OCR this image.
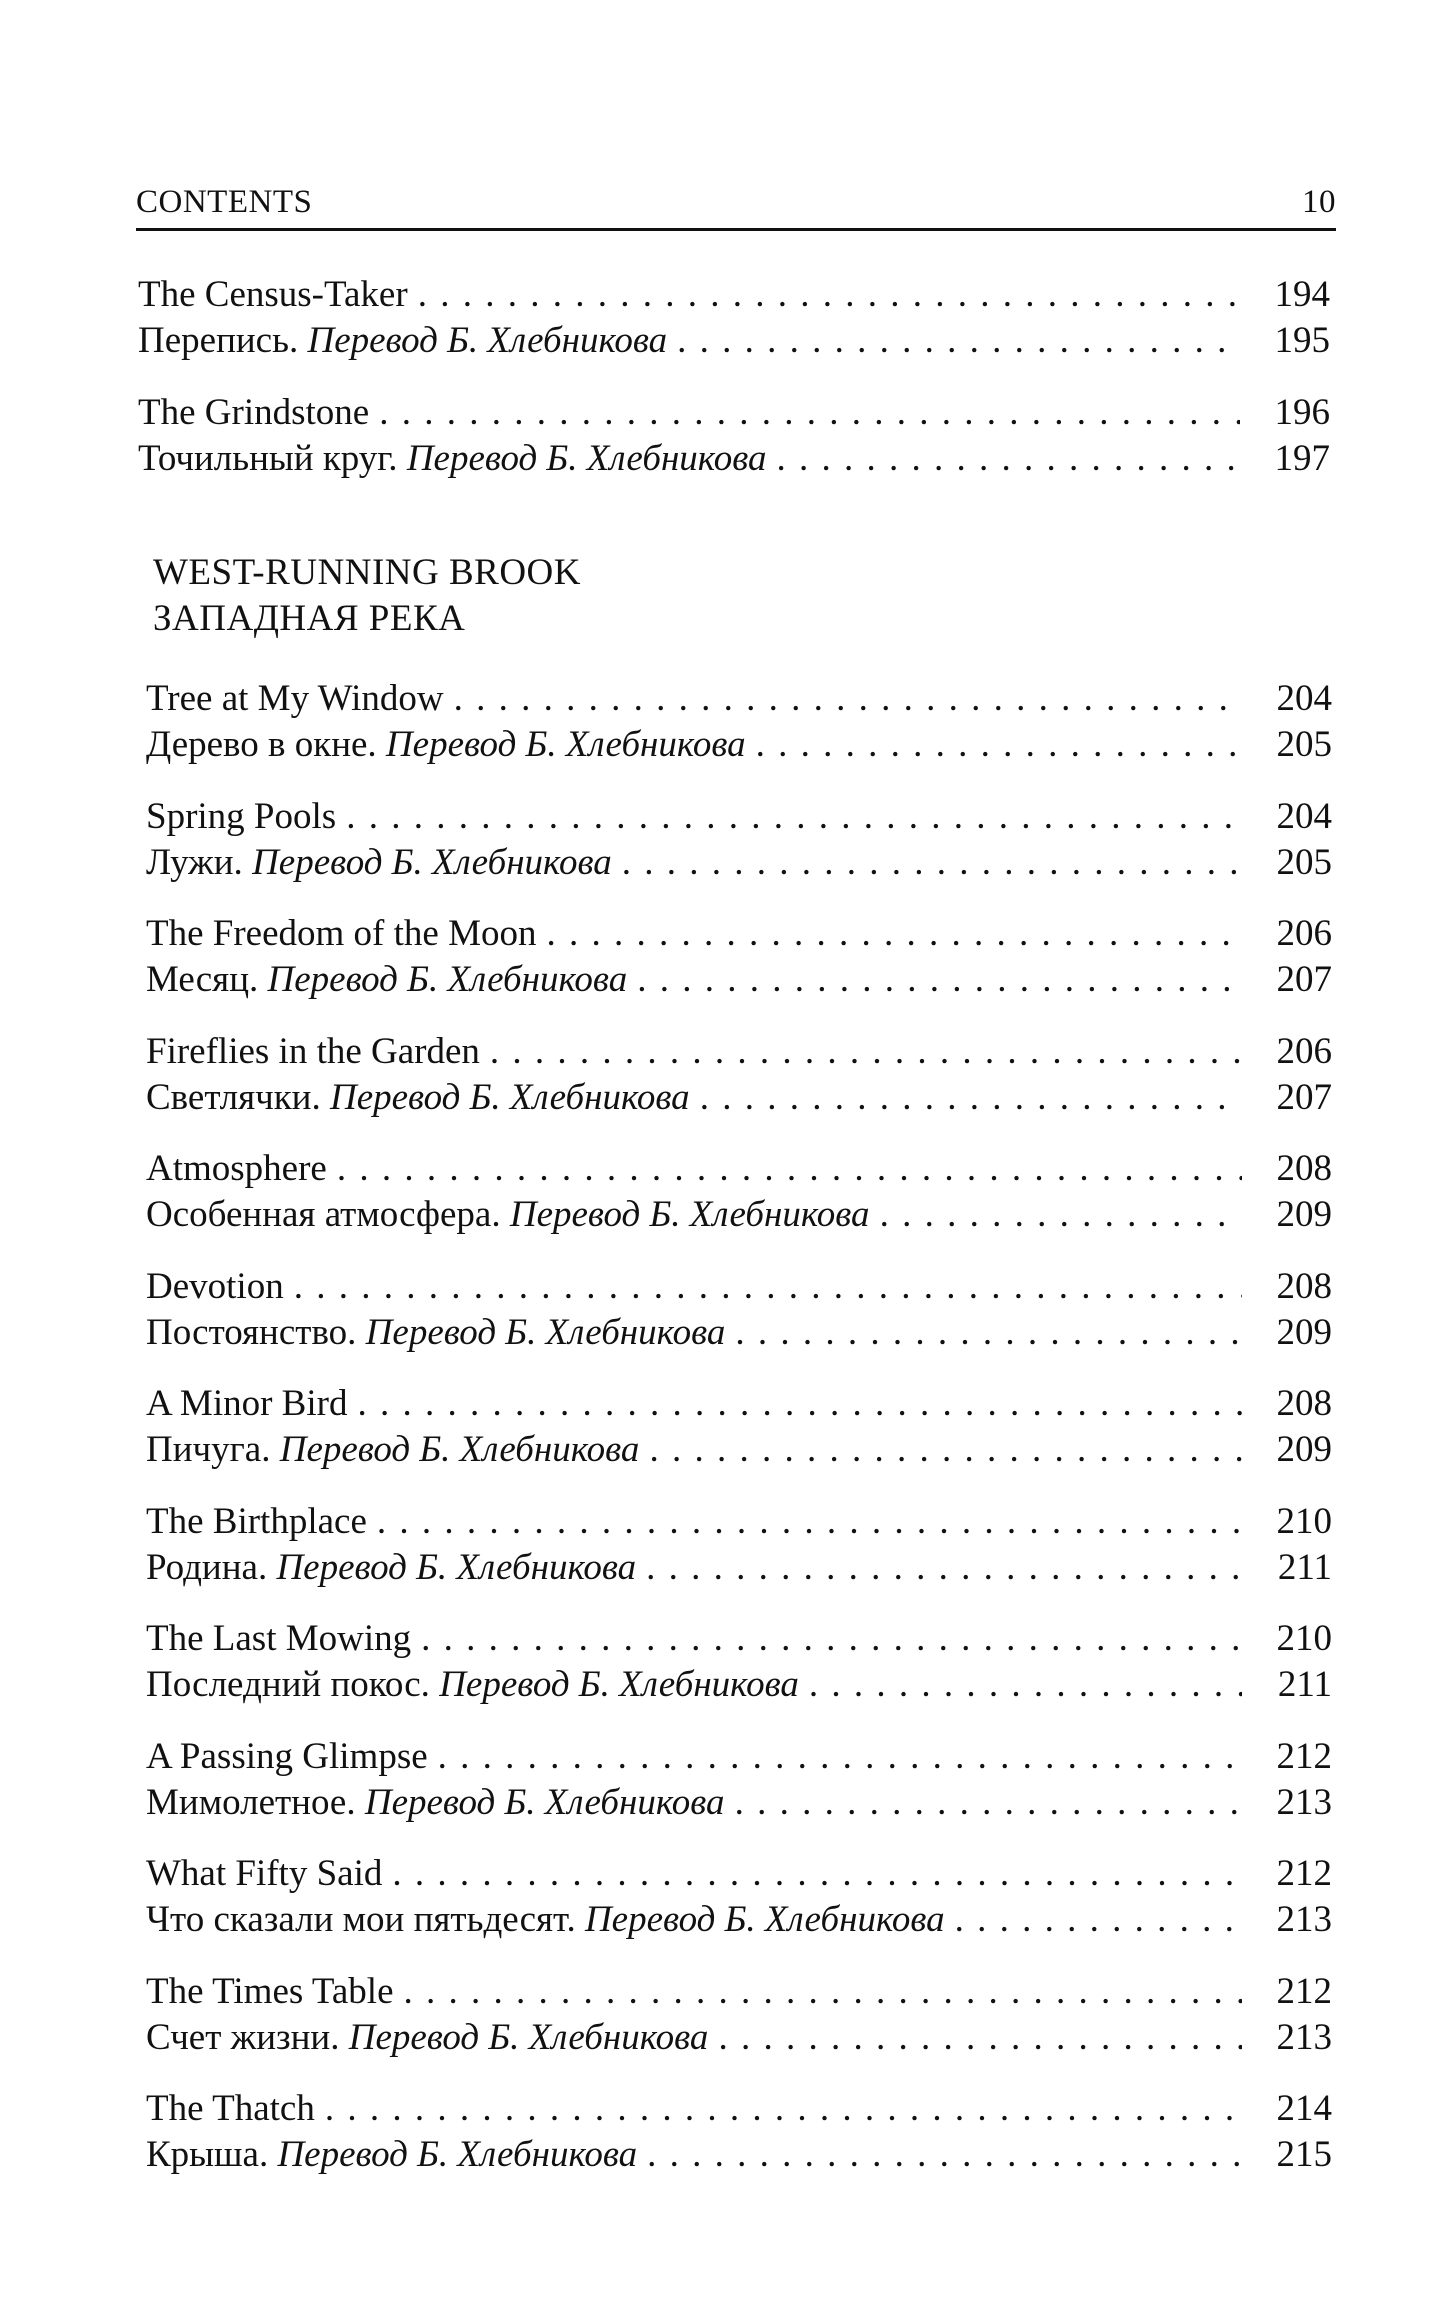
CONTENTS	10
The Census-Taker . . .	194
Перепись. Перевод Б. Хлебникова . . .	195
The Grindstone . . .	196
Точильный круг. Перевод Б. Хлебникова . . .	197
WEST-RUNNING BROOK
ЗАПАДНАЯ РЕКА
Tree at My Window . . .	204
Дерево в окне. Перевод Б. Хлебникова . . .	205
Spring Pools . . .	204
Лужи. Перевод Б. Хлебникова . . .	205
The Freedom of the Moon . . .	206
Месяц. Перевод Б. Хлебникова . . .	207
Fireflies in the Garden . . .	206
Светлячки. Перевод Б. Хлебникова . . .	207
Atmosphere . . .	208
Особенная атмосфера. Перевод Б. Хлебникова . . .	209
Devotion . . .	208
Постоянство. Перевод Б. Хлебникова . . .	209
A Minor Bird . . .	208
Пичуга. Перевод Б. Хлебникова . . .	209
The Birthplace . . .	210
Родина. Перевод Б. Хлебникова . . .	211
The Last Mowing . . .	210
Последний покос. Перевод Б. Хлебникова . . .	211
A Passing Glimpse . . .	212
Мимолетное. Перевод Б. Хлебникова . . .	213
What Fifty Said . . .	212
Что сказали мои пятьдесят. Перевод Б. Хлебникова . . .	213
The Times Table . . .	212
Счет жизни. Перевод Б. Хлебникова . . .	213
The Thatch . . .	214
Крыша. Перевод Б. Хлебникова . . .	215
